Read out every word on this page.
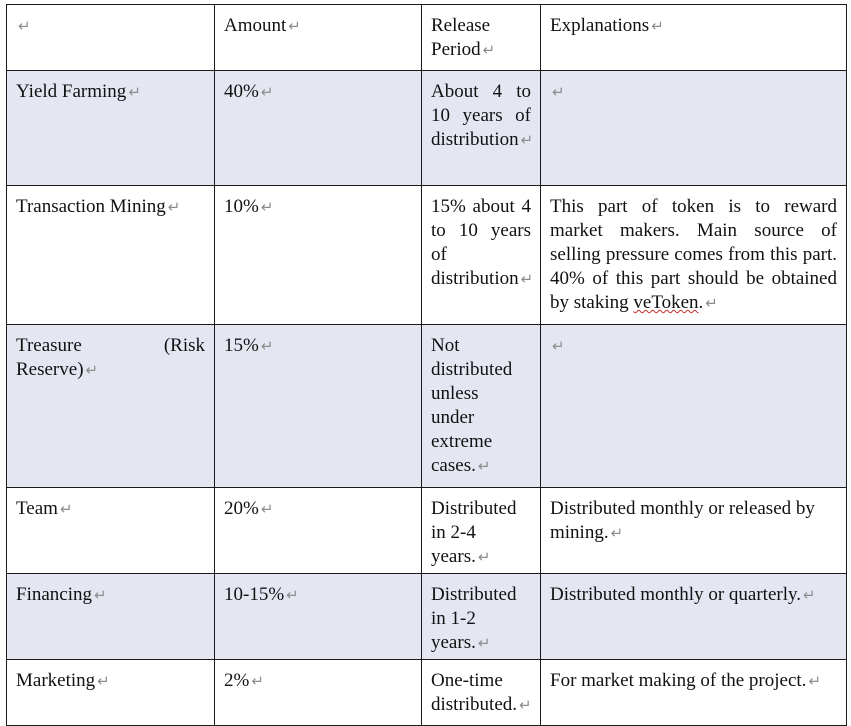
↵	Amount ↵	Release Period ↵	Explanations ↵
Yield Farming ↵	40% ↵	About 4 to 10 years of distribution ↵	↵
Transaction Mining ↵	10% ↵	15% about 4 to 10 years of distribution ↵	This part of token is to reward market makers. Main source of selling pressure comes from this part. 40% of this part should be obtained by staking veToken. ↵
Treasure (Risk Reserve) ↵	15% ↵	Not distributed unless under extreme cases. ↵	↵
Team ↵	20% ↵	Distributed in 2-4 years. ↵	Distributed monthly or released by mining. ↵
Financing ↵	10-15% ↵	Distributed in 1-2 years. ↵	Distributed monthly or quarterly. ↵
Marketing ↵	2% ↵	One-time distributed. ↵	For market making of the project. ↵
